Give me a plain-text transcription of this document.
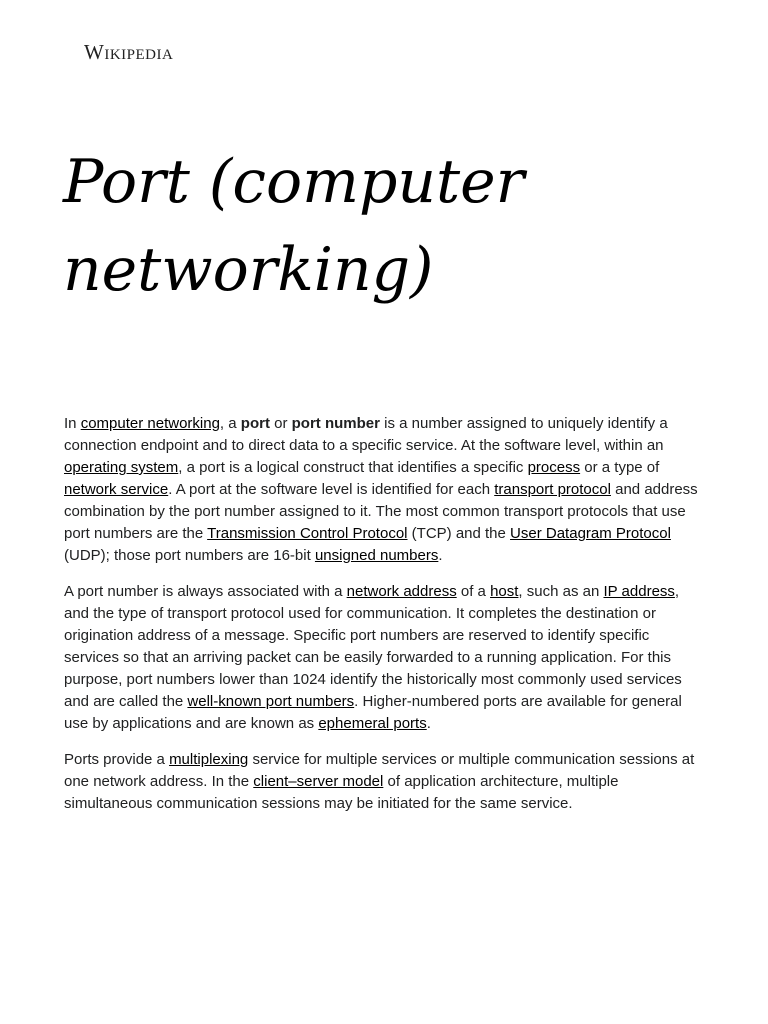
Wikipedia
Port (computer networking)

In computer networking, a port or port number is a number assigned to uniquely identify a connection endpoint and to direct data to a specific service. At the software level, within an operating system, a port is a logical construct that identifies a specific process or a type of network service. A port at the software level is identified for each transport protocol and address combination by the port number assigned to it. The most common transport protocols that use port numbers are the Transmission Control Protocol (TCP) and the User Datagram Protocol (UDP); those port numbers are 16-bit unsigned numbers.

A port number is always associated with a network address of a host, such as an IP address, and the type of transport protocol used for communication. It completes the destination or origination address of a message. Specific port numbers are reserved to identify specific services so that an arriving packet can be easily forwarded to a running application. For this purpose, port numbers lower than 1024 identify the historically most commonly used services and are called the well-known port numbers. Higher-numbered ports are available for general use by applications and are known as ephemeral ports.

Ports provide a multiplexing service for multiple services or multiple communication sessions at one network address. In the client–server model of application architecture, multiple simultaneous communication sessions may be initiated for the same service.
